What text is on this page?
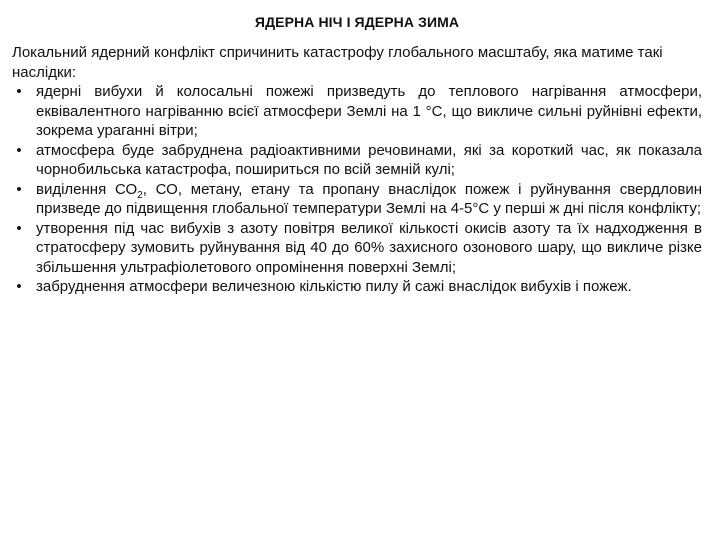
ЯДЕРНА НІЧ І ЯДЕРНА ЗИМА
Локальний ядерний конфлікт спричинить катастрофу глобального масштабу, яка матиме такі наслідки:
• ядерні вибухи й колосальні пожежі призведуть до теплового нагрівання атмосфери, еквівалентного нагріванню всієї атмосфери Землі на 1 °С, що викличе сильні руйнівні ефекти, зокрема ураганні вітри;
• атмосфера буде забруднена радіоактивними речовинами, які за короткий час, як показала чорнобильська катастрофа, пошириться по всій земній кулі;
• виділення $СО_2$, СО, метану, етану та пропану внаслідок пожеж і руйнування свердловин призведе до підвищення глобальної температури Землі на 4-5°С у перші ж дні після конфлікту;
• утворення під час вибухів з азоту повітря великої кількості окисів азоту та їх надходження в стратосферу зумовить руйнування від 40 до 60% захисного озонового шару, що викличе різке збільшення ультрафіолетового опромінення поверхні Землі;
• забруднення атмосфери величезною кількістю пилу й сажі внаслідок вибухів і пожеж.
